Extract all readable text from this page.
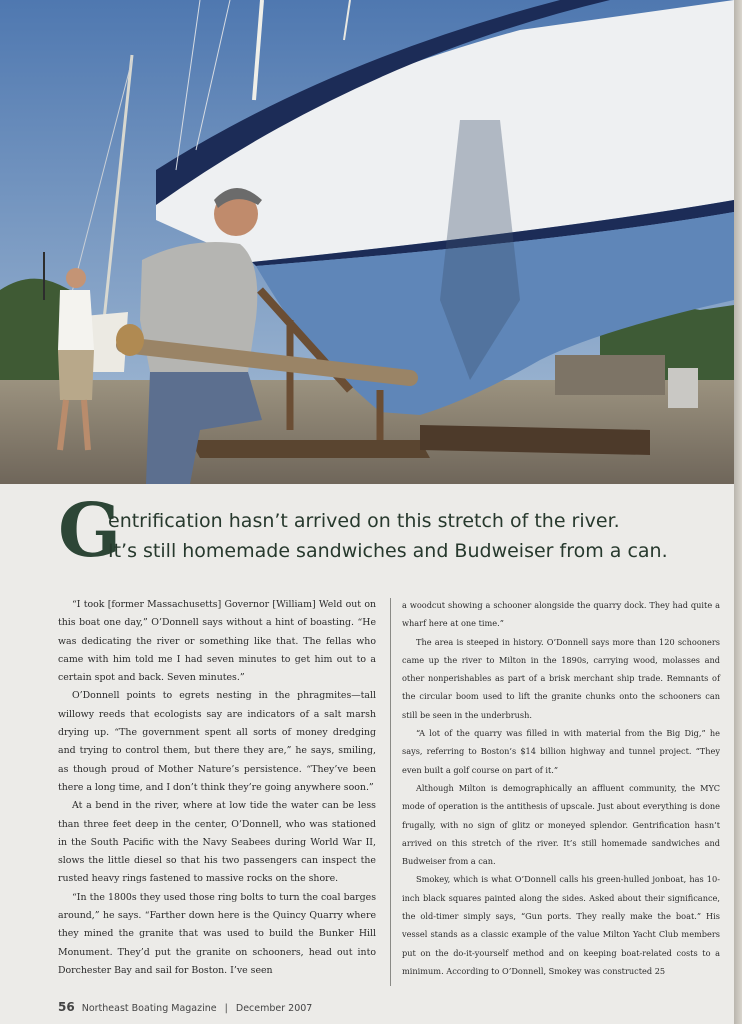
G
entrification hasn’t arrived on this stretch of the river.
It’s still homemade sandwiches and Budweiser from a can.

“I took [former Massachusetts] Governor [William] Weld out on this boat one day,” O’Donnell says without a hint of boasting. “He was dedicating the river or something like that. The fellas who came with him told me I had seven minutes to get him out to a certain spot and back. Seven minutes.”

O’Donnell points to egrets nesting in the phragmites—tall willowy reeds that ecologists say are indicators of a salt marsh drying up. “The government spent all sorts of money dredging and trying to control them, but there they are,” he says, smiling, as though proud of Mother Nature’s persistence. “They’ve been there a long time, and I don’t think they’re going anywhere soon.”

At a bend in the river, where at low tide the water can be less than three feet deep in the center, O’Donnell, who was stationed in the South Pacific with the Navy Seabees during World War II, slows the little diesel so that his two passengers can inspect the rusted heavy rings fastened to massive rocks on the shore.

“In the 1800s they used those ring bolts to turn the coal barges around,” he says. “Farther down here is the Quincy Quarry where they mined the granite that was used to build the Bunker Hill Monument. They’d put the granite on schooners, head out into Dorchester Bay and sail for Boston. I’ve seen

a woodcut showing a schooner alongside the quarry dock. They had quite a wharf here at one time.”

The area is steeped in history. O’Donnell says more than 120 schooners came up the river to Milton in the 1890s, carrying wood, molasses and other nonperishables as part of a brisk merchant ship trade. Remnants of the circular boom used to lift the granite chunks onto the schooners can still be seen in the underbrush.

“A lot of the quarry was filled in with material from the Big Dig,” he says, referring to Boston’s $14 billion highway and tunnel project. “They even built a golf course on part of it.”

Although Milton is demographically an affluent community, the MYC mode of operation is the antithesis of upscale. Just about everything is done frugally, with no sign of glitz or moneyed splendor. Gentrification hasn’t arrived on this stretch of the river. It’s still homemade sandwiches and Budweiser from a can.

Smokey, which is what O’Donnell calls his green-hulled jonboat, has 10-inch black squares painted along the sides. Asked about their significance, the old-timer simply says, “Gun ports. They really make the boat.” His vessel stands as a classic example of the value Milton Yacht Club members put on the do-it-yourself method and on keeping boat-related costs to a minimum. According to O’Donnell, Smokey was constructed 25

56 Northeast Boating Magazine | December 2007
